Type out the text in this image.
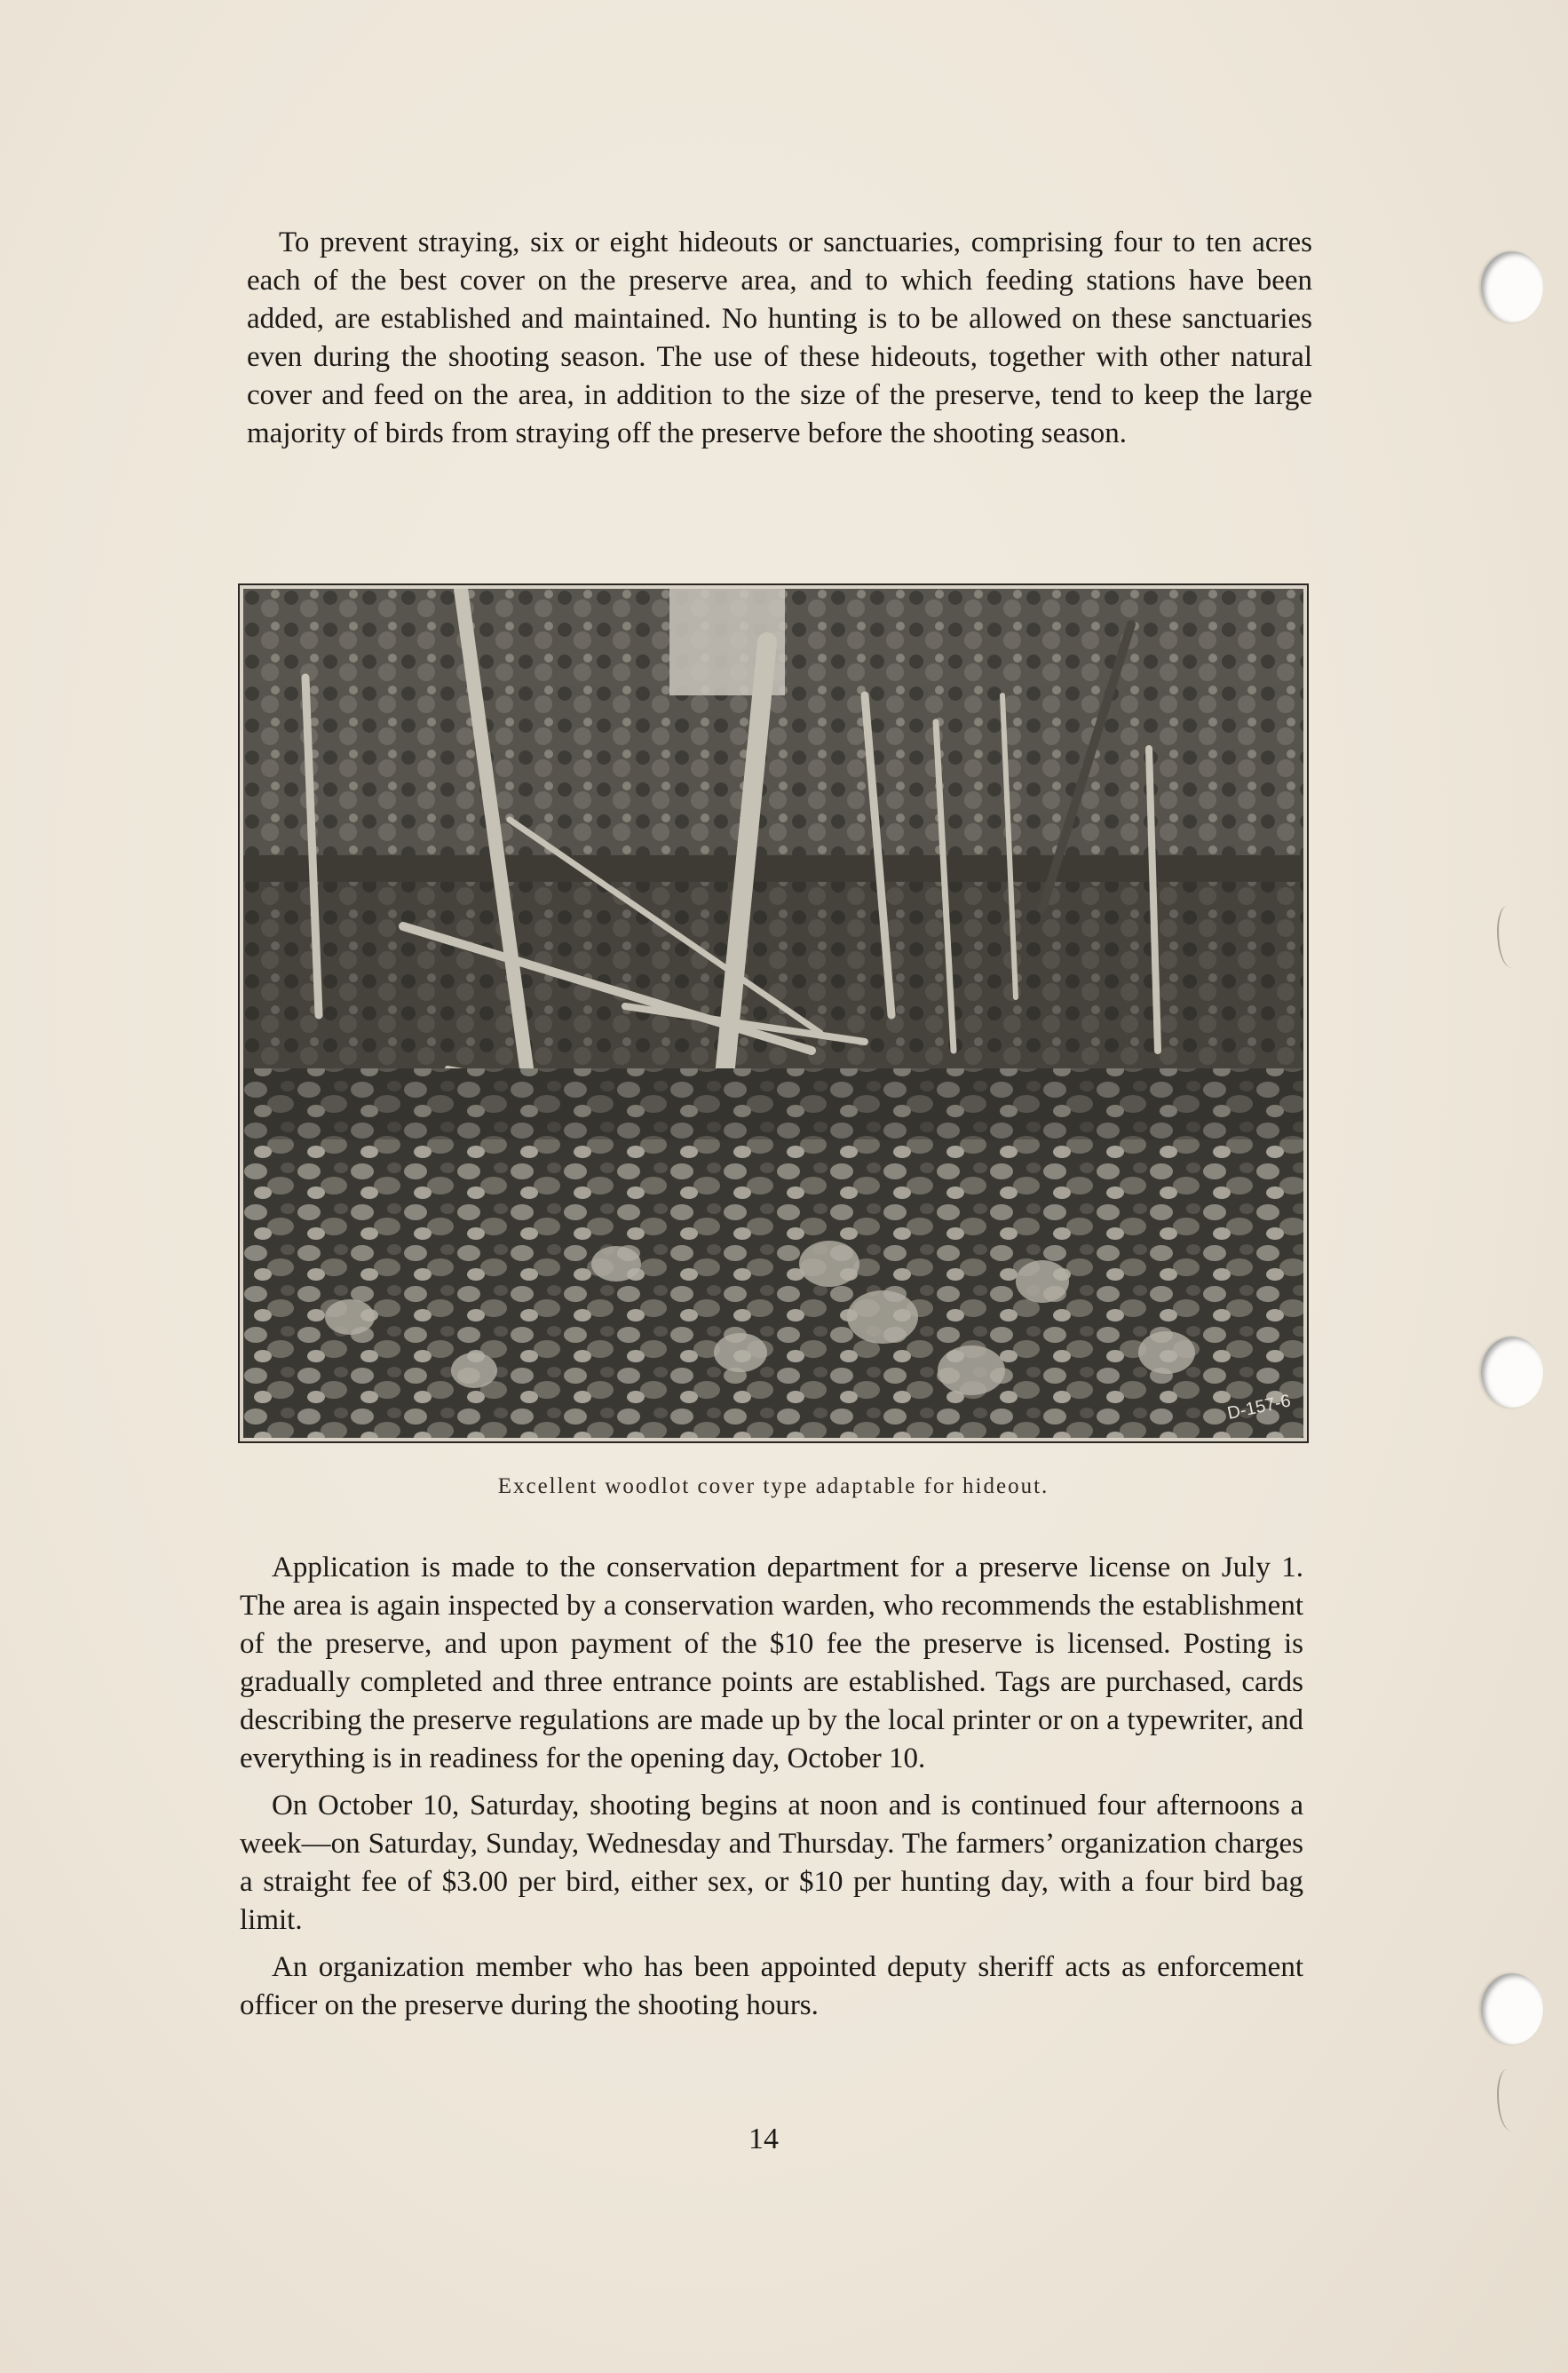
To prevent straying, six or eight hideouts or sanctuaries, comprising four to ten acres each of the best cover on the preserve area, and to which feeding stations have been added, are established and maintained. No hunting is to be allowed on these sanctuaries even during the shooting season. The use of these hideouts, together with other natural cover and feed on the area, in addition to the size of the preserve, tend to keep the large majority of birds from straying off the preserve before the shooting season.

D-157-6
Excellent woodlot cover type adaptable for hideout.

Application is made to the conservation department for a preserve license on July 1. The area is again inspected by a conservation warden, who recommends the establishment of the preserve, and upon payment of the $10 fee the preserve is licensed. Posting is gradually completed and three entrance points are established. Tags are purchased, cards describing the preserve regulations are made up by the local printer or on a typewriter, and everything is in readiness for the opening day, October 10.

On October 10, Saturday, shooting begins at noon and is continued four afternoons a week—on Saturday, Sunday, Wednesday and Thursday. The farmers’ organization charges a straight fee of $3.00 per bird, either sex, or $10 per hunting day, with a four bird bag limit.

An organization member who has been appointed deputy sheriff acts as enforcement officer on the preserve during the shooting hours.

14
